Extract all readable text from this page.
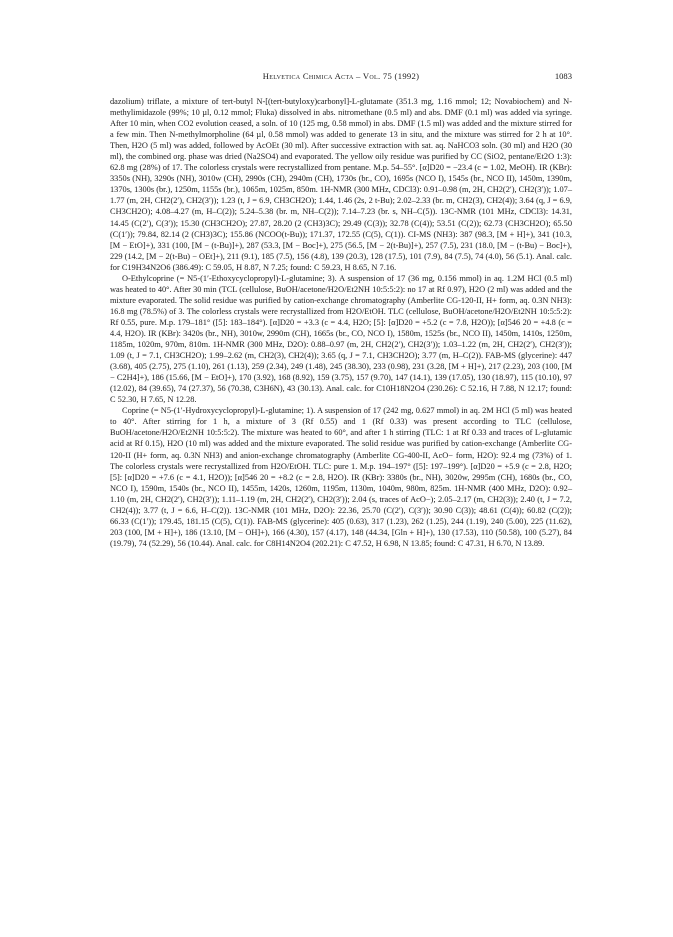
Helvetica Chimica Acta – Vol. 75 (1992)	1083

dazolium) triflate, a mixture of tert-butyl N-[(tert-butyloxy)carbonyl]-L-glutamate (351.3 mg, 1.16 mmol; 12; Novabiochem) and N-methylimidazole (99%; 10 µl, 0.12 mmol; Fluka) dissolved in abs. nitromethane (0.5 ml) and abs. DMF (0.1 ml) was added via syringe. After 10 min, when CO2 evolution ceased, a soln. of 10 (125 mg, 0.58 mmol) in abs. DMF (1.5 ml) was added and the mixture stirred for a few min. Then N-methylmorpholine (64 µl, 0.58 mmol) was added to generate 13 in situ, and the mixture was stirred for 2 h at 10°. Then, H2O (5 ml) was added, followed by AcOEt (30 ml). After successive extraction with sat. aq. NaHCO3 soln. (30 ml) and H2O (30 ml), the combined org. phase was dried (Na2SO4) and evaporated. The yellow oily residue was purified by CC (SiO2, pentane/Et2O 1:3): 62.8 mg (28%) of 17. The colorless crystals were recrystallized from pentane. M.p. 54–55°. [α]D20 = −23.4 (c = 1.02, MeOH). IR (KBr): 3350s (NH), 3290s (NH), 3010w (CH), 2990s (CH), 2940m (CH), 1730s (br., CO), 1695s (NCO I), 1545s (br., NCO II), 1450m, 1390m, 1370s, 1300s (br.), 1250m, 1155s (br.), 1065m, 1025m, 850m. 1H-NMR (300 MHz, CDCl3): 0.91–0.98 (m, 2H, CH2(2′), CH2(3′)); 1.07–1.77 (m, 2H, CH2(2′), CH2(3′)); 1.23 (t, J = 6.9, CH3CH2O); 1.44, 1.46 (2s, 2 t-Bu); 2.02–2.33 (br. m, CH2(3), CH2(4)); 3.64 (q, J = 6.9, CH3CH2O); 4.08–4.27 (m, H–C(2)); 5.24–5.38 (br. m, NH–C(2)); 7.14–7.23 (br. s, NH–C(5)). 13C-NMR (101 MHz, CDCl3): 14.31, 14.45 (C(2′), C(3′)); 15.30 (CH3CH2O); 27.87, 28.20 (2 (CH3)3C); 29.49 (C(3)); 32.78 (C(4)); 53.51 (C(2)); 62.73 (CH3CH2O); 65.50 (C(1′)); 79.84, 82.14 (2 (CH3)3C); 155.86 (NCOO(t-Bu)); 171.37, 172.55 (C(5), C(1)). CI-MS (NH3): 387 (98.3, [M + H]+), 341 (10.3, [M − EtO]+), 331 (100, [M − (t-Bu)]+), 287 (53.3, [M − Boc]+), 275 (56.5, [M − 2(t-Bu)]+), 257 (7.5), 231 (18.0, [M − (t-Bu) − Boc]+), 229 (14.2, [M − 2(t-Bu) − OEt]+), 211 (9.1), 185 (7.5), 156 (4.8), 139 (20.3), 128 (17.5), 101 (7.9), 84 (7.5), 74 (4.0), 56 (5.1). Anal. calc. for C19H34N2O6 (386.49): C 59.05, H 8.87, N 7.25; found: C 59.23, H 8.65, N 7.16.

O-Ethylcoprine (= N5-(1′-Ethoxycyclopropyl)-L-glutamine; 3). A suspension of 17 (36 mg, 0.156 mmol) in aq. 1.2M HCl (0.5 ml) was heated to 40°. After 30 min (TCL (cellulose, BuOH/acetone/H2O/Et2NH 10:5:5:2): no 17 at Rf 0.97), H2O (2 ml) was added and the mixture evaporated. The solid residue was purified by cation-exchange chromatography (Amberlite CG-120-II, H+ form, aq. 0.3N NH3): 16.8 mg (78.5%) of 3. The colorless crystals were recrystallized from H2O/EtOH. TLC (cellulose, BuOH/acetone/H2O/Et2NH 10:5:5:2): Rf 0.55, pure. M.p. 179–181° ([5]: 183–184°). [α]D20 = +3.3 (c = 4.4, H2O; [5]: [α]D20 = +5.2 (c = 7.8, H2O)); [α]546 20 = +4.8 (c = 4.4, H2O). IR (KBr): 3420s (br., NH), 3010w, 2990m (CH), 1665s (br., CO, NCO I), 1580m, 1525s (br., NCO II), 1450m, 1410s, 1250m, 1185m, 1020m, 970m, 810m. 1H-NMR (300 MHz, D2O): 0.88–0.97 (m, 2H, CH2(2′), CH2(3′)); 1.03–1.22 (m, 2H, CH2(2′), CH2(3′)); 1.09 (t, J = 7.1, CH3CH2O); 1.99–2.62 (m, CH2(3), CH2(4)); 3.65 (q, J = 7.1, CH3CH2O); 3.77 (m, H–C(2)). FAB-MS (glycerine): 447 (3.68), 405 (2.75), 275 (1.10), 261 (1.13), 259 (2.34), 249 (1.48), 245 (38.30), 233 (0.98), 231 (3.28, [M + H]+), 217 (2.23), 203 (100, [M − C2H4]+), 186 (15.66, [M − EtO]+), 170 (3.92), 168 (8.92), 159 (3.75), 157 (9.70), 147 (14.1), 139 (17.05), 130 (18.97), 115 (10.10), 97 (12.02), 84 (39.65), 74 (27.37), 56 (70.38, C3H6N), 43 (30.13). Anal. calc. for C10H18N2O4 (230.26): C 52.16, H 7.88, N 12.17; found: C 52.30, H 7.65, N 12.28.

Coprine (= N5-(1′-Hydroxycyclopropyl)-L-glutamine; 1). A suspension of 17 (242 mg, 0.627 mmol) in aq. 2M HCl (5 ml) was heated to 40°. After stirring for 1 h, a mixture of 3 (Rf 0.55) and 1 (Rf 0.33) was present according to TLC (cellulose, BuOH/acetone/H2O/Et2NH 10:5:5:2). The mixture was heated to 60°, and after 1 h stirring (TLC: 1 at Rf 0.33 and traces of L-glutamic acid at Rf 0.15), H2O (10 ml) was added and the mixture evaporated. The solid residue was purified by cation-exchange (Amberlite CG-120-II (H+ form, aq. 0.3N NH3) and anion-exchange chromatography (Amberlite CG-400-II, AcO− form, H2O): 92.4 mg (73%) of 1. The colorless crystals were recrystallized from H2O/EtOH. TLC: pure 1. M.p. 194–197° ([5]: 197–199°). [α]D20 = +5.9 (c = 2.8, H2O; [5]: [α]D20 = +7.6 (c = 4.1, H2O)); [α]546 20 = +8.2 (c = 2.8, H2O). IR (KBr): 3380s (br., NH), 3020w, 2995m (CH), 1680s (br., CO, NCO I), 1590m, 1540s (br., NCO II), 1455m, 1420s, 1260m, 1195m, 1130m, 1040m, 980m, 825m. 1H-NMR (400 MHz, D2O): 0.92–1.10 (m, 2H, CH2(2′), CH2(3′)); 1.11–1.19 (m, 2H, CH2(2′), CH2(3′)); 2.04 (s, traces of AcO−); 2.05–2.17 (m, CH2(3)); 2.40 (t, J = 7.2, CH2(4)); 3.77 (t, J = 6.6, H–C(2)). 13C-NMR (101 MHz, D2O): 22.36, 25.70 (C(2′), C(3′)); 30.90 C(3)); 48.61 (C(4)); 60.82 (C(2)); 66.33 (C(1′)); 179.45, 181.15 (C(5), C(1)). FAB-MS (glycerine): 405 (0.63), 317 (1.23), 262 (1.25), 244 (1.19), 240 (5.00), 225 (11.62), 203 (100, [M + H]+), 186 (13.10, [M − OH]+), 166 (4.30), 157 (4.17), 148 (44.34, [Gln + H]+), 130 (17.53), 110 (50.58), 100 (5.27), 84 (19.79), 74 (52.29), 56 (10.44). Anal. calc. for C8H14N2O4 (202.21): C 47.52, H 6.98, N 13.85; found: C 47.31, H 6.70, N 13.89.
